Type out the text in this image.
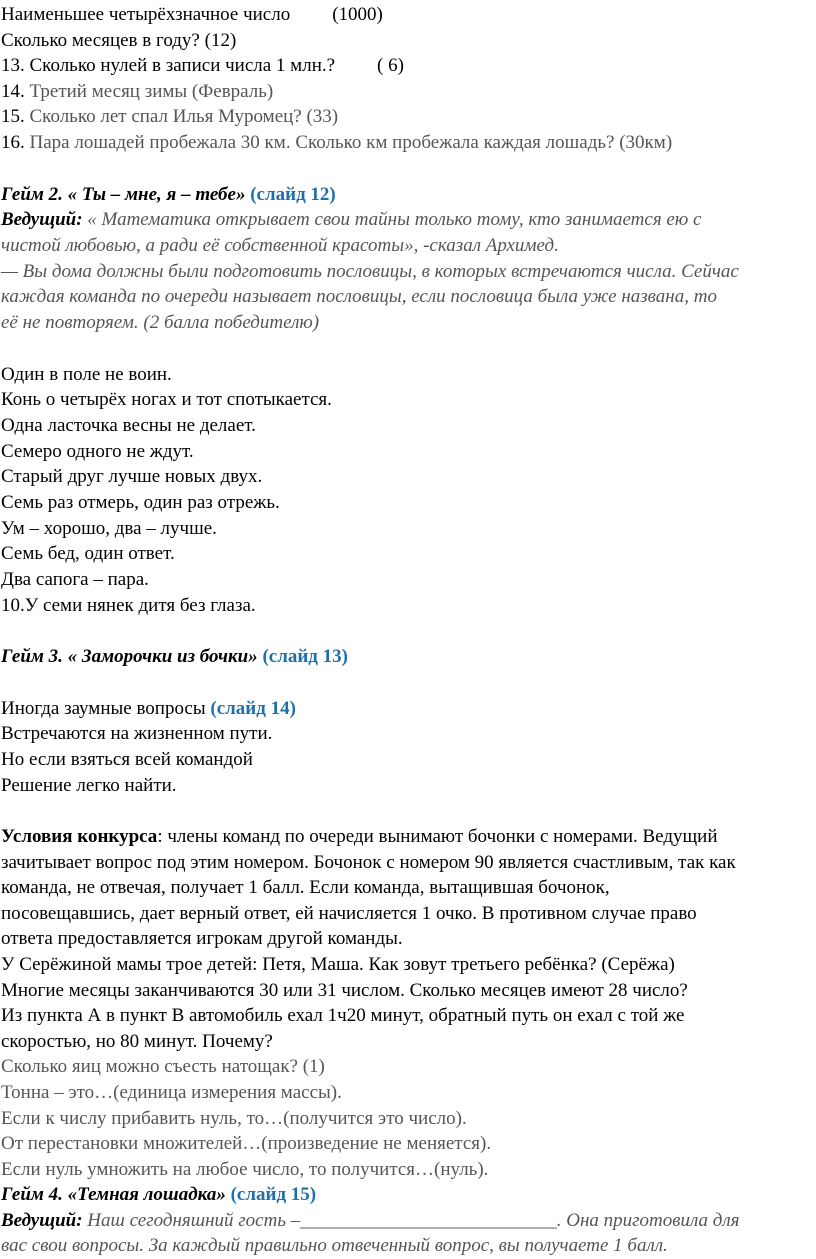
Наименьшее четырёхзначное число (1000)
Сколько месяцев в году? (12)
13. Сколько нулей в записи числа 1 млн.? ( 6)
14. Третий месяц зимы (Февраль)
15. Сколько лет спал Илья Муромец? (33)
16. Пара лошадей пробежала 30 км. Сколько км пробежала каждая лошадь? (30км)
Гейм 2. « Ты – мне, я – тебе» (слайд 12)
Ведущий: « Математика открывает свои тайны только тому, кто занимается ею с
чистой любовью, а ради её собственной красоты», -сказал Архимед.
— Вы дома должны были подготовить пословицы, в которых встречаются числа. Сейчас
каждая команда по очереди называет пословицы, если пословица была уже названа, то
её не повторяем. (2 балла победителю)
Один в поле не воин.
Конь о четырёх ногах и тот спотыкается.
Одна ласточка весны не делает.
Семеро одного не ждут.
Старый друг лучше новых двух.
Семь раз отмерь, один раз отрежь.
Ум – хорошо, два – лучше.
Семь бед, один ответ.
Два сапога – пара.
10.У семи нянек дитя без глаза.
Гейм 3. « Заморочки из бочки» (слайд 13)
Иногда заумные вопросы (слайд 14)
Встречаются на жизненном пути.
Но если взяться всей командой
Решение легко найти.
Условия конкурса: члены команд по очереди вынимают бочонки с номерами. Ведущий
зачитывает вопрос под этим номером. Бочонок с номером 90 является счастливым, так как
команда, не отвечая, получает 1 балл. Если команда, вытащившая бочонок,
посовещавшись, дает верный ответ, ей начисляется 1 очко. В противном случае право
ответа предоставляется игрокам другой команды.
У Серёжиной мамы трое детей: Петя, Маша. Как зовут третьего ребёнка? (Серёжа)
Многие месяцы заканчиваются 30 или 31 числом. Сколько месяцев имеют 28 число?
Из пункта А в пункт В автомобиль ехал 1ч20 минут, обратный путь он ехал с той же
скоростью, но 80 минут. Почему?
Сколько яиц можно съесть натощак? (1)
Тонна – это…(единица измерения массы).
Если к числу прибавить нуль, то…(получится это число).
От перестановки множителей…(произведение не меняется).
Если нуль умножить на любое число, то получится…(нуль).
Гейм 4. «Темная лошадка» (слайд 15)
Ведущий: Наш сегодняшний гость –___________________________. Она приготовила для
вас свои вопросы. За каждый правильно отвеченный вопрос, вы получаете 1 балл.
